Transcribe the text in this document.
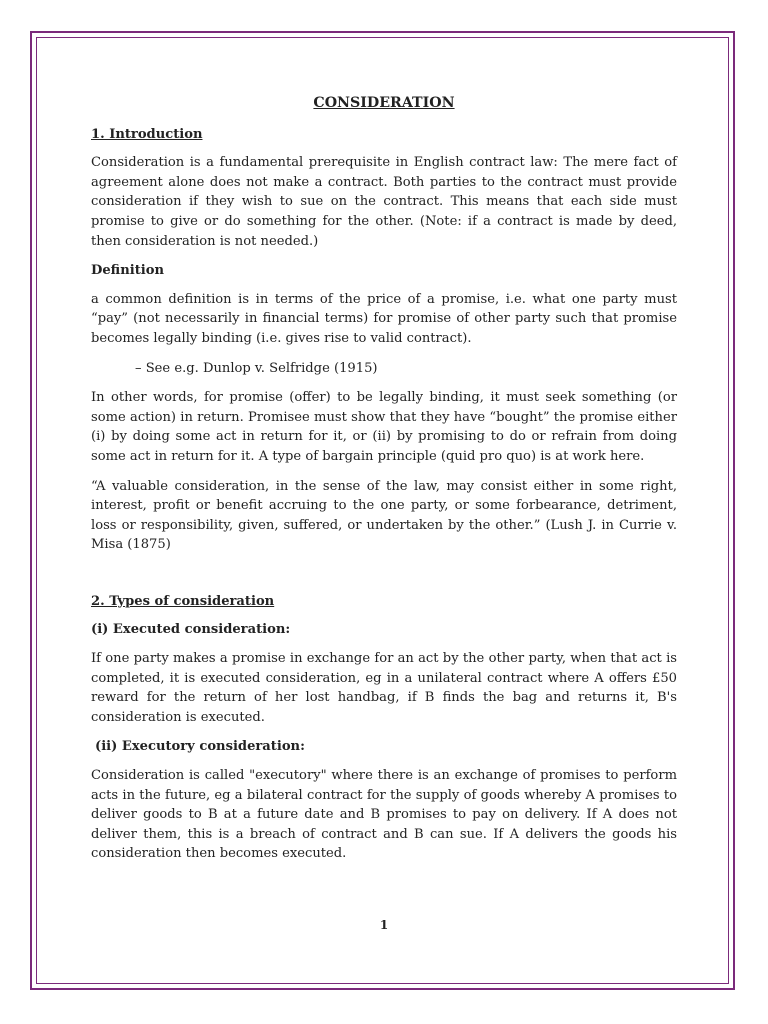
CONSIDERATION
1. Introduction

Consideration is a fundamental prerequisite in English contract law: The mere fact of agreement alone does not make a contract. Both parties to the contract must provide consideration if they wish to sue on the contract. This means that each side must promise to give or do something for the other. (Note: if a contract is made by deed, then consideration is not needed.)

Definition

a common definition is in terms of the price of a promise, i.e. what one party must “pay” (not necessarily in financial terms) for promise of other party such that promise becomes legally binding (i.e. gives rise to valid contract).

– See e.g. Dunlop v. Selfridge (1915)

In other words, for promise (offer) to be legally binding, it must seek something (or some action) in return. Promisee must show that they have “bought” the promise either (i) by doing some act in return for it, or (ii) by promising to do or refrain from doing some act in return for it. A type of bargain principle (quid pro quo) is at work here.

“A valuable consideration, in the sense of the law, may consist either in some right, interest, profit or benefit accruing to the one party, or some forbearance, detriment, loss or responsibility, given, suffered, or undertaken by the other.” (Lush J. in Currie v. Misa (1875)

2. Types of consideration
(i) Executed consideration:

If one party makes a promise in exchange for an act by the other party, when that act is completed, it is executed consideration, eg in a unilateral contract where A offers £50 reward for the return of her lost handbag, if B finds the bag and returns it, B's consideration is executed.

(ii) Executory consideration:

Consideration is called "executory" where there is an exchange of promises to perform acts in the future, eg a bilateral contract for the supply of goods whereby A promises to deliver goods to B at a future date and B promises to pay on delivery. If A does not deliver them, this is a breach of contract and B can sue. If A delivers the goods his consideration then becomes executed.

1
